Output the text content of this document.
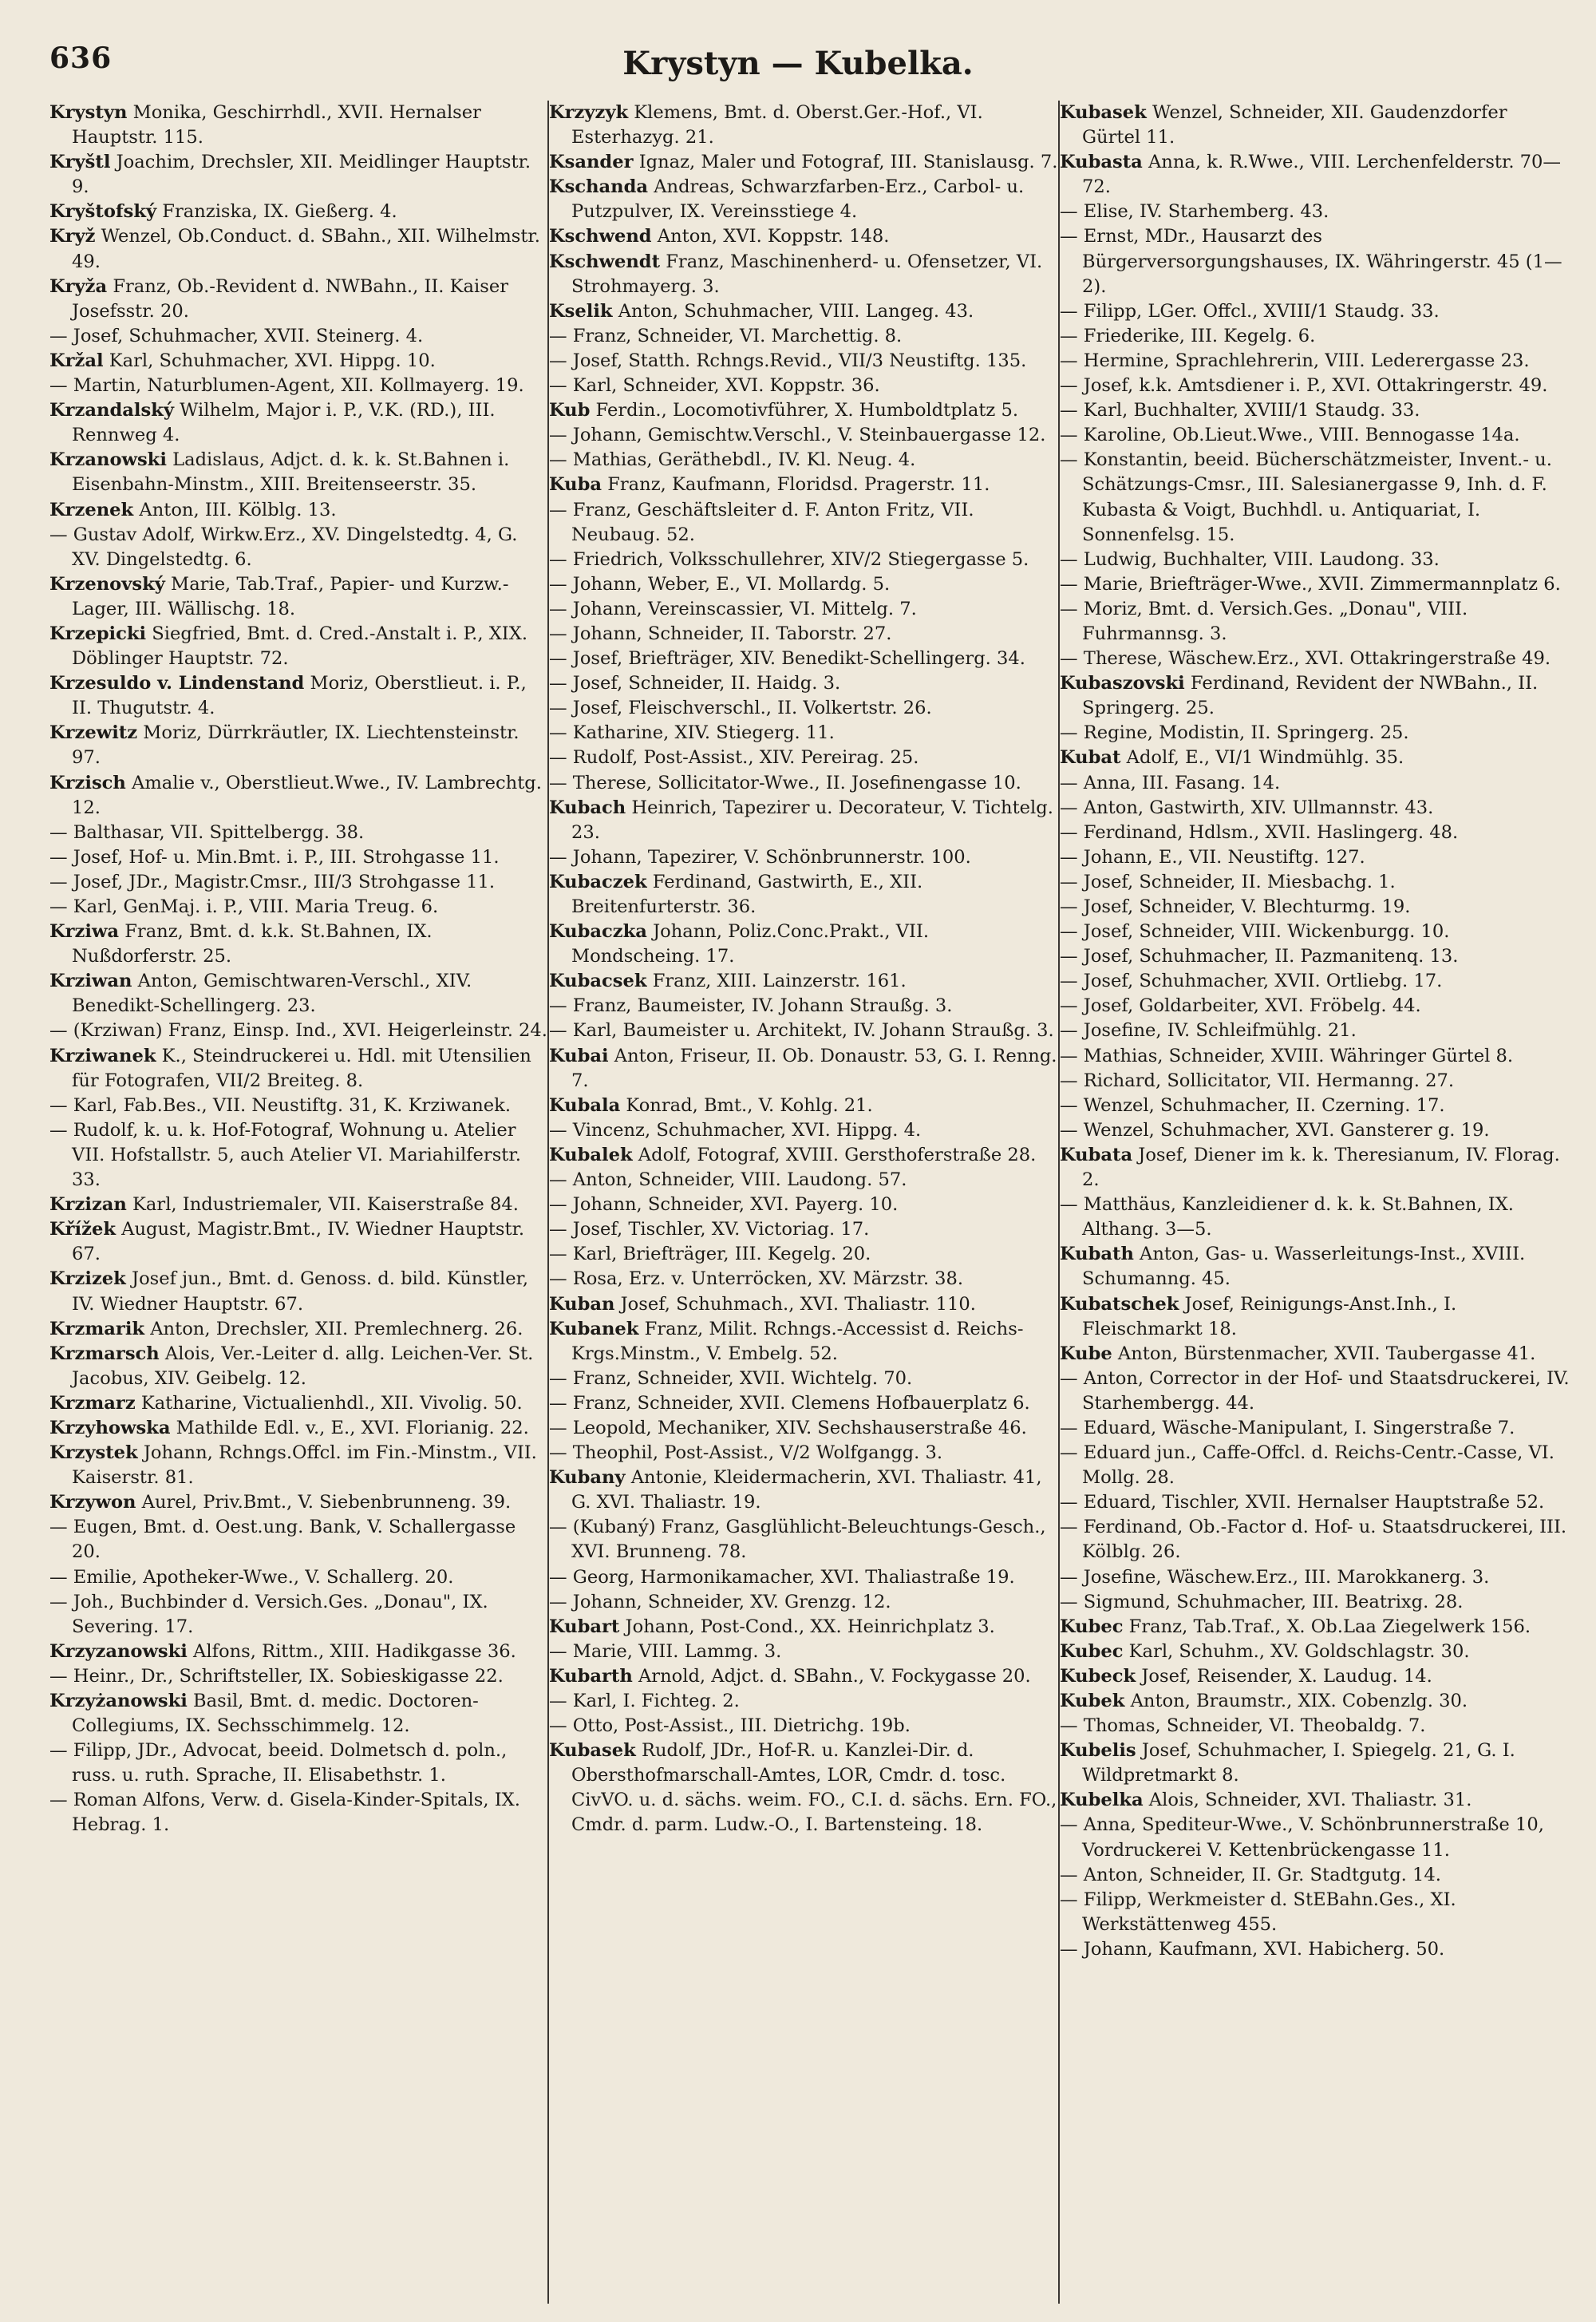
636	Krystyn — Kubelka.

Krystyn Monika, Geschirrhdl., XVII. Hernalser Hauptstr. 115.

Kryštl Joachim, Drechsler, XII. Meidlinger Hauptstr. 9.

Kryštofský Franziska, IX. Gießerg. 4.

Kryž Wenzel, Ob.Conduct. d. SBahn., XII. Wilhelmstr. 49.

Kryža Franz, Ob.-Revident d. NWBahn., II. Kaiser Josefsstr. 20.

— Josef, Schuhmacher, XVII. Steinerg. 4.

Kržal Karl, Schuhmacher, XVI. Hippg. 10.

— Martin, Naturblumen-Agent, XII. Kollmayerg. 19.

Krzandalský Wilhelm, Major i. P., V.K. (RD.), III. Rennweg 4.

Krzanowski Ladislaus, Adjct. d. k. k. St.Bahnen i. Eisenbahn-Minstm., XIII. Breitenseerstr. 35.

Krzenek Anton, III. Kölblg. 13.

— Gustav Adolf, Wirkw.Erz., XV. Dingelstedtg. 4, G. XV. Dingelstedtg. 6.

Krzenovský Marie, Tab.Traf., Papier- und Kurzw.-Lager, III. Wällischg. 18.

Krzepicki Siegfried, Bmt. d. Cred.-Anstalt i. P., XIX. Döblinger Hauptstr. 72.

Krzesuldo v. Lindenstand Moriz, Oberstlieut. i. P., II. Thugutstr. 4.

Krzewitz Moriz, Dürrkräutler, IX. Liechtensteinstr. 97.

Krzisch Amalie v., Oberstlieut.Wwe., IV. Lambrechtg. 12.

— Balthasar, VII. Spittelbergg. 38.

— Josef, Hof- u. Min.Bmt. i. P., III. Strohgasse 11.

— Josef, JDr., Magistr.Cmsr., III/3 Strohgasse 11.

— Karl, GenMaj. i. P., VIII. Maria Treug. 6.

Krziwa Franz, Bmt. d. k.k. St.Bahnen, IX. Nußdorferstr. 25.

Krziwan Anton, Gemischtwaren-Verschl., XIV. Benedikt-Schellingerg. 23.

— (Krziwan) Franz, Einsp. Ind., XVI. Heigerleinstr. 24.

Krziwanek K., Steindruckerei u. Hdl. mit Utensilien für Fotografen, VII/2 Breiteg. 8.

— Karl, Fab.Bes., VII. Neustiftg. 31, K. Krziwanek.

— Rudolf, k. u. k. Hof-Fotograf, Wohnung u. Atelier VII. Hofstallstr. 5, auch Atelier VI. Mariahilferstr. 33.

Krzizan Karl, Industriemaler, VII. Kaiserstraße 84.

Křížek August, Magistr.Bmt., IV. Wiedner Hauptstr. 67.

Krzizek Josef jun., Bmt. d. Genoss. d. bild. Künstler, IV. Wiedner Hauptstr. 67.

Krzmarik Anton, Drechsler, XII. Premlechnerg. 26.

Krzmarsch Alois, Ver.-Leiter d. allg. Leichen-Ver. St. Jacobus, XIV. Geibelg. 12.

Krzmarz Katharine, Victualienhdl., XII. Vivolig. 50.

Krzyhowska Mathilde Edl. v., E., XVI. Florianig. 22.

Krzystek Johann, Rchngs.Offcl. im Fin.-Minstm., VII. Kaiserstr. 81.

Krzywon Aurel, Priv.Bmt., V. Siebenbrunneng. 39.

— Eugen, Bmt. d. Oest.ung. Bank, V. Schallergasse 20.

— Emilie, Apotheker-Wwe., V. Schallerg. 20.

— Joh., Buchbinder d. Versich.Ges. „Donau", IX. Severing. 17.

Krzyzanowski Alfons, Rittm., XIII. Hadikgasse 36.

— Heinr., Dr., Schriftsteller, IX. Sobieskigasse 22.

Krzyżanowski Basil, Bmt. d. medic. Doctoren-Collegiums, IX. Sechsschimmelg. 12.

— Filipp, JDr., Advocat, beeid. Dolmetsch d. poln., russ. u. ruth. Sprache, II. Elisabethstr. 1.

— Roman Alfons, Verw. d. Gisela-Kinder-Spitals, IX. Hebrag. 1.

Krzyzyk Klemens, Bmt. d. Oberst.Ger.-Hof., VI. Esterhazyg. 21.

Ksander Ignaz, Maler und Fotograf, III. Stanislausg. 7.

Kschanda Andreas, Schwarzfarben-Erz., Carbol- u. Putzpulver, IX. Vereinsstiege 4.

Kschwend Anton, XVI. Koppstr. 148.

Kschwendt Franz, Maschinenherd- u. Ofensetzer, VI. Strohmayerg. 3.

Kselik Anton, Schuhmacher, VIII. Langeg. 43.

— Franz, Schneider, VI. Marchettig. 8.

— Josef, Statth. Rchngs.Revid., VII/3 Neustiftg. 135.

— Karl, Schneider, XVI. Koppstr. 36.

Kub Ferdin., Locomotivführer, X. Humboldtplatz 5.

— Johann, Gemischtw.Verschl., V. Steinbauergasse 12.

— Mathias, Geräthebdl., IV. Kl. Neug. 4.

Kuba Franz, Kaufmann, Floridsd. Pragerstr. 11.

— Franz, Geschäftsleiter d. F. Anton Fritz, VII. Neubaug. 52.

— Friedrich, Volksschullehrer, XIV/2 Stiegergasse 5.

— Johann, Weber, E., VI. Mollardg. 5.

— Johann, Vereinscassier, VI. Mittelg. 7.

— Johann, Schneider, II. Taborstr. 27.

— Josef, Briefträger, XIV. Benedikt-Schellingerg. 34.

— Josef, Schneider, II. Haidg. 3.

— Josef, Fleischverschl., II. Volkertstr. 26.

— Katharine, XIV. Stiegerg. 11.

— Rudolf, Post-Assist., XIV. Pereirag. 25.

— Therese, Sollicitator-Wwe., II. Josefinengasse 10.

Kubach Heinrich, Tapezirer u. Decorateur, V. Tichtelg. 23.

— Johann, Tapezirer, V. Schönbrunnerstr. 100.

Kubaczek Ferdinand, Gastwirth, E., XII. Breitenfurterstr. 36.

Kubaczka Johann, Poliz.Conc.Prakt., VII. Mondscheing. 17.

Kubacsek Franz, XIII. Lainzerstr. 161.

— Franz, Baumeister, IV. Johann Straußg. 3.

— Karl, Baumeister u. Architekt, IV. Johann Straußg. 3.

Kubai Anton, Friseur, II. Ob. Donaustr. 53, G. I. Renng. 7.

Kubala Konrad, Bmt., V. Kohlg. 21.

— Vincenz, Schuhmacher, XVI. Hippg. 4.

Kubalek Adolf, Fotograf, XVIII. Gersthoferstraße 28.

— Anton, Schneider, VIII. Laudong. 57.

— Johann, Schneider, XVI. Payerg. 10.

— Josef, Tischler, XV. Victoriag. 17.

— Karl, Briefträger, III. Kegelg. 20.

— Rosa, Erz. v. Unterröcken, XV. Märzstr. 38.

Kuban Josef, Schuhmach., XVI. Thaliastr. 110.

Kubanek Franz, Milit. Rchngs.-Accessist d. Reichs-Krgs.Minstm., V. Embelg. 52.

— Franz, Schneider, XVII. Wichtelg. 70.

— Franz, Schneider, XVII. Clemens Hofbauerplatz 6.

— Leopold, Mechaniker, XIV. Sechshauserstraße 46.

— Theophil, Post-Assist., V/2 Wolfgangg. 3.

Kubany Antonie, Kleidermacherin, XVI. Thaliastr. 41, G. XVI. Thaliastr. 19.

— (Kubaný) Franz, Gasglühlicht-Beleuchtungs-Gesch., XVI. Brunneng. 78.

— Georg, Harmonikamacher, XVI. Thaliastraße 19.

— Johann, Schneider, XV. Grenzg. 12.

Kubart Johann, Post-Cond., XX. Heinrichplatz 3.

— Marie, VIII. Lammg. 3.

Kubarth Arnold, Adjct. d. SBahn., V. Fockygasse 20.

— Karl, I. Fichteg. 2.

— Otto, Post-Assist., III. Dietrichg. 19b.

Kubasek Rudolf, JDr., Hof-R. u. Kanzlei-Dir. d. Obersthofmarschall-Amtes, LOR, Cmdr. d. tosc. CivVO. u. d. sächs. weim. FO., C.I. d. sächs. Ern. FO., Cmdr. d. parm. Ludw.-O., I. Bartensteing. 18.

Kubasek Wenzel, Schneider, XII. Gaudenzdorfer Gürtel 11.

Kubasta Anna, k. R.Wwe., VIII. Lerchenfelderstr. 70—72.

— Elise, IV. Starhemberg. 43.

— Ernst, MDr., Hausarzt des Bürgerversorgungshauses, IX. Währingerstr. 45 (1—2).

— Filipp, LGer. Offcl., XVIII/1 Staudg. 33.

— Friederike, III. Kegelg. 6.

— Hermine, Sprachlehrerin, VIII. Lederergasse 23.

— Josef, k.k. Amtsdiener i. P., XVI. Ottakringerstr. 49.

— Karl, Buchhalter, XVIII/1 Staudg. 33.

— Karoline, Ob.Lieut.Wwe., VIII. Bennogasse 14a.

— Konstantin, beeid. Bücherschätzmeister, Invent.- u. Schätzungs-Cmsr., III. Salesianergasse 9, Inh. d. F. Kubasta & Voigt, Buchhdl. u. Antiquariat, I. Sonnenfelsg. 15.

— Ludwig, Buchhalter, VIII. Laudong. 33.

— Marie, Briefträger-Wwe., XVII. Zimmermannplatz 6.

— Moriz, Bmt. d. Versich.Ges. „Donau", VIII. Fuhrmannsg. 3.

— Therese, Wäschew.Erz., XVI. Ottakringerstraße 49.

Kubaszovski Ferdinand, Revident der NWBahn., II. Springerg. 25.

— Regine, Modistin, II. Springerg. 25.

Kubat Adolf, E., VI/1 Windmühlg. 35.

— Anna, III. Fasang. 14.

— Anton, Gastwirth, XIV. Ullmannstr. 43.

— Ferdinand, Hdlsm., XVII. Haslingerg. 48.

— Johann, E., VII. Neustiftg. 127.

— Josef, Schneider, II. Miesbachg. 1.

— Josef, Schneider, V. Blechturmg. 19.

— Josef, Schneider, VIII. Wickenburgg. 10.

— Josef, Schuhmacher, II. Pazmanitenq. 13.

— Josef, Schuhmacher, XVII. Ortliebg. 17.

— Josef, Goldarbeiter, XVI. Fröbelg. 44.

— Josefine, IV. Schleifmühlg. 21.

— Mathias, Schneider, XVIII. Währinger Gürtel 8.

— Richard, Sollicitator, VII. Hermanng. 27.

— Wenzel, Schuhmacher, II. Czerning. 17.

— Wenzel, Schuhmacher, XVI. Gansterer g. 19.

Kubata Josef, Diener im k. k. Theresianum, IV. Florag. 2.

— Matthäus, Kanzleidiener d. k. k. St.Bahnen, IX. Althang. 3—5.

Kubath Anton, Gas- u. Wasserleitungs-Inst., XVIII. Schumanng. 45.

Kubatschek Josef, Reinigungs-Anst.Inh., I. Fleischmarkt 18.

Kube Anton, Bürstenmacher, XVII. Taubergasse 41.

— Anton, Corrector in der Hof- und Staatsdruckerei, IV. Starhembergg. 44.

— Eduard, Wäsche-Manipulant, I. Singerstraße 7.

— Eduard jun., Caffe-Offcl. d. Reichs-Centr.-Casse, VI. Mollg. 28.

— Eduard, Tischler, XVII. Hernalser Hauptstraße 52.

— Ferdinand, Ob.-Factor d. Hof- u. Staatsdruckerei, III. Kölblg. 26.

— Josefine, Wäschew.Erz., III. Marokkanerg. 3.

— Sigmund, Schuhmacher, III. Beatrixg. 28.

Kubec Franz, Tab.Traf., X. Ob.Laa Ziegelwerk 156.

Kubec Karl, Schuhm., XV. Goldschlagstr. 30.

Kubeck Josef, Reisender, X. Laudug. 14.

Kubek Anton, Braumstr., XIX. Cobenzlg. 30.

— Thomas, Schneider, VI. Theobaldg. 7.

Kubelis Josef, Schuhmacher, I. Spiegelg. 21, G. I. Wildpretmarkt 8.

Kubelka Alois, Schneider, XVI. Thaliastr. 31.

— Anna, Spediteur-Wwe., V. Schönbrunnerstraße 10, Vordruckerei V. Kettenbrückengasse 11.

— Anton, Schneider, II. Gr. Stadtgutg. 14.

— Filipp, Werkmeister d. StEBahn.Ges., XI. Werkstättenweg 455.

— Johann, Kaufmann, XVI. Habicherg. 50.
